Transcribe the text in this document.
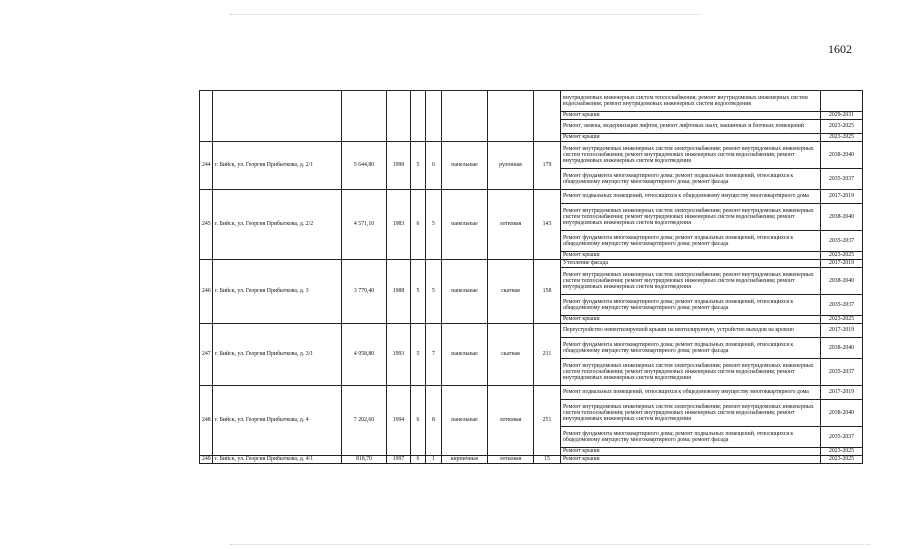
1602
									внутридомовых инженерных систем теплоснабжения; ремонт внутридомовых инженерных систем водоснабжения; ремонт внутридомовых инженерных систем водоотведения	
									Ремонт крыши	2029-2031
									Ремонт, замена, модернизация лифтов, ремонт лифтовых шахт, машинных и блочных помещений	2023-2025
									Ремонт крыши	2023-2025
244	г. Бийск, ул. Георгия Прибыткова, д. 2/1	5 644,80	1990	5	6	панельные	рулонная	179	Ремонт внутридомовых инженерных систем электроснабжения; ремонт внутридомовых инженерных систем теплоснабжения; ремонт внутридомовых инженерных систем водоснабжения; ремонт внутридомовых инженерных систем водоотведения	2038-2040
									Ремонт фундамента многоквартирного дома; ремонт подвальных помещений, относящихся к общедомовому имуществу многоквартирного дома; ремонт фасада	2035-2037
245	г. Бийск, ул. Георгия Прибыткова, д. 2/2	4 571,10	1983	6	5	панельные	лотковая	143	Ремонт подвальных помещений, относящихся к общедомовому имуществу многоквартирного дома	2017-2019
									Ремонт внутридомовых инженерных систем электроснабжения; ремонт внутридомовых инженерных систем теплоснабжения; ремонт внутридомовых инженерных систем водоснабжения; ремонт внутридомовых инженерных систем водоотведения	2038-2040
									Ремонт фундамента многоквартирного дома; ремонт подвальных помещений, относящихся к общедомовому имуществу многоквартирного дома; ремонт фасада	2035-2037
									Ремонт крыши	2023-2025
246	г. Бийск, ул. Георгия Прибыткова, д. 3	3 770,40	1988	5	5	панельные	скатная	158	Утепление фасада	2017-2019
									Ремонт внутридомовых инженерных систем электроснабжения; ремонт внутридомовых инженерных систем теплоснабжения; ремонт внутридомовых инженерных систем водоснабжения; ремонт внутридомовых инженерных систем водоотведения	2038-2040
									Ремонт фундамента многоквартирного дома; ремонт подвальных помещений, относящихся к общедомовому имуществу многоквартирного дома; ремонт фасада	2035-2037
									Ремонт крыши	2023-2025
247	г. Бийск, ул. Георгия Прибыткова, д. 3/1	4 958,80	1993	5	7	панельные	скатная	211	Переустройство невентилируемой крыши на вентилируемую, устройство выходов на кровлю	2017-2019
									Ремонт фундамента многоквартирного дома; ремонт подвальных помещений, относящихся к общедомовому имуществу многоквартирного дома; ремонт фасада	2038-2040
									Ремонт внутридомовых инженерных систем электроснабжения; ремонт внутридомовых инженерных систем теплоснабжения; ремонт внутридомовых инженерных систем водоснабжения; ремонт внутридомовых инженерных систем водоотведения	2035-2037
248	г. Бийск, ул. Георгия Прибыткова, д. 4	7 202,60	1994	6	8	панельные	лотковая	251	Ремонт подвальных помещений, относящихся к общедомовому имуществу многоквартирного дома	2017-2019
									Ремонт внутридомовых инженерных систем электроснабжения; ремонт внутридомовых инженерных систем теплоснабжения; ремонт внутридомовых инженерных систем водоснабжения; ремонт внутридомовых инженерных систем водоотведения	2038-2040
									Ремонт фундамента многоквартирного дома; ремонт подвальных помещений, относящихся к общедомовому имуществу многоквартирного дома; ремонт фасада	2035-2037
									Ремонт крыши	2023-2025
249	г. Бийск, ул. Георгия Прибыткова, д. 4/1	818,70	1997	6	1	кирпичные	лотковая	15	Ремонт крыши	2023-2025
